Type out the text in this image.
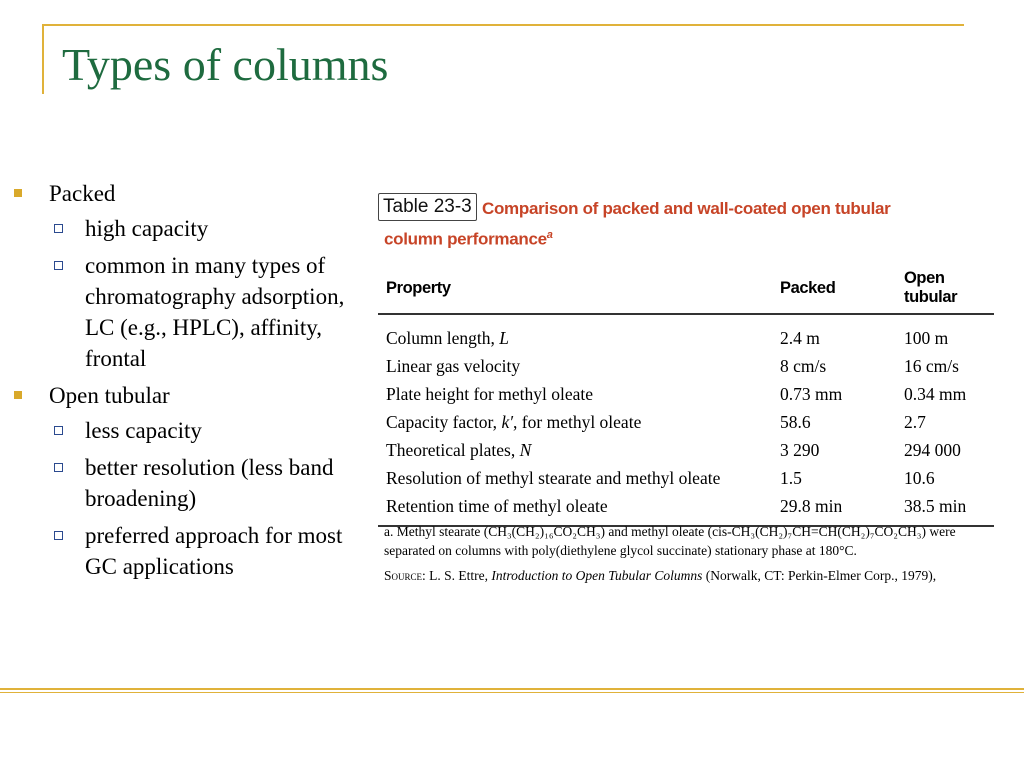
Types of columns
Packed
high capacity
common in many types of chromatography adsorption, LC (e.g., HPLC), affinity, frontal
Open tubular
less capacity
better resolution (less band broadening)
preferred approach for most GC applications
Table 23-3 Comparison of packed and wall-coated open tubular
column performance$^a$
Property	Packed	Open tubular
Column length, L	2.4 m	100 m
Linear gas velocity	8 cm/s	16 cm/s
Plate height for methyl oleate	0.73 mm	0.34 mm
Capacity factor, k′, for methyl oleate	58.6	2.7
Theoretical plates, N	3 290	294 000
Resolution of methyl stearate and methyl oleate	1.5	10.6
Retention time of methyl oleate	29.8 min	38.5 min

a. Methyl stearate (CH₃(CH₂)₁₆CO₂CH₃) and methyl oleate (cis-CH₃(CH₂)₇CH=CH(CH₂)₇CO₂CH₃) were separated on columns with poly(diethylene glycol succinate) stationary phase at 180°C.

Source: L. S. Ettre, Introduction to Open Tubular Columns (Norwalk, CT: Perkin-Elmer Corp., 1979),
